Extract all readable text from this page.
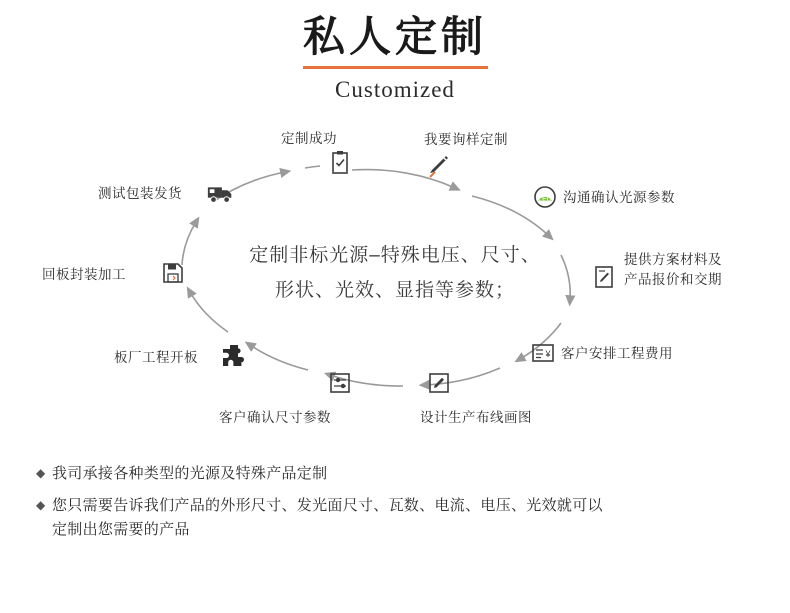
私人定制
Customized
我要询样定制
LED 沟通确认光源参数
提供方案材料及
产品报价和交期
¥ 客户安排工程费用
设计生产布线画图
客户确认尺寸参数
板厂工程开板
回板封装加工
测试包装发货
定制成功
定制非标光源–特殊电压、尺寸、
形状、光效、显指等参数；
◆ 我司承接各种类型的光源及特殊产品定制
◆ 您只需要告诉我们产品的外形尺寸、发光面尺寸、瓦数、电流、电压、光效就可以
定制出您需要的产品
